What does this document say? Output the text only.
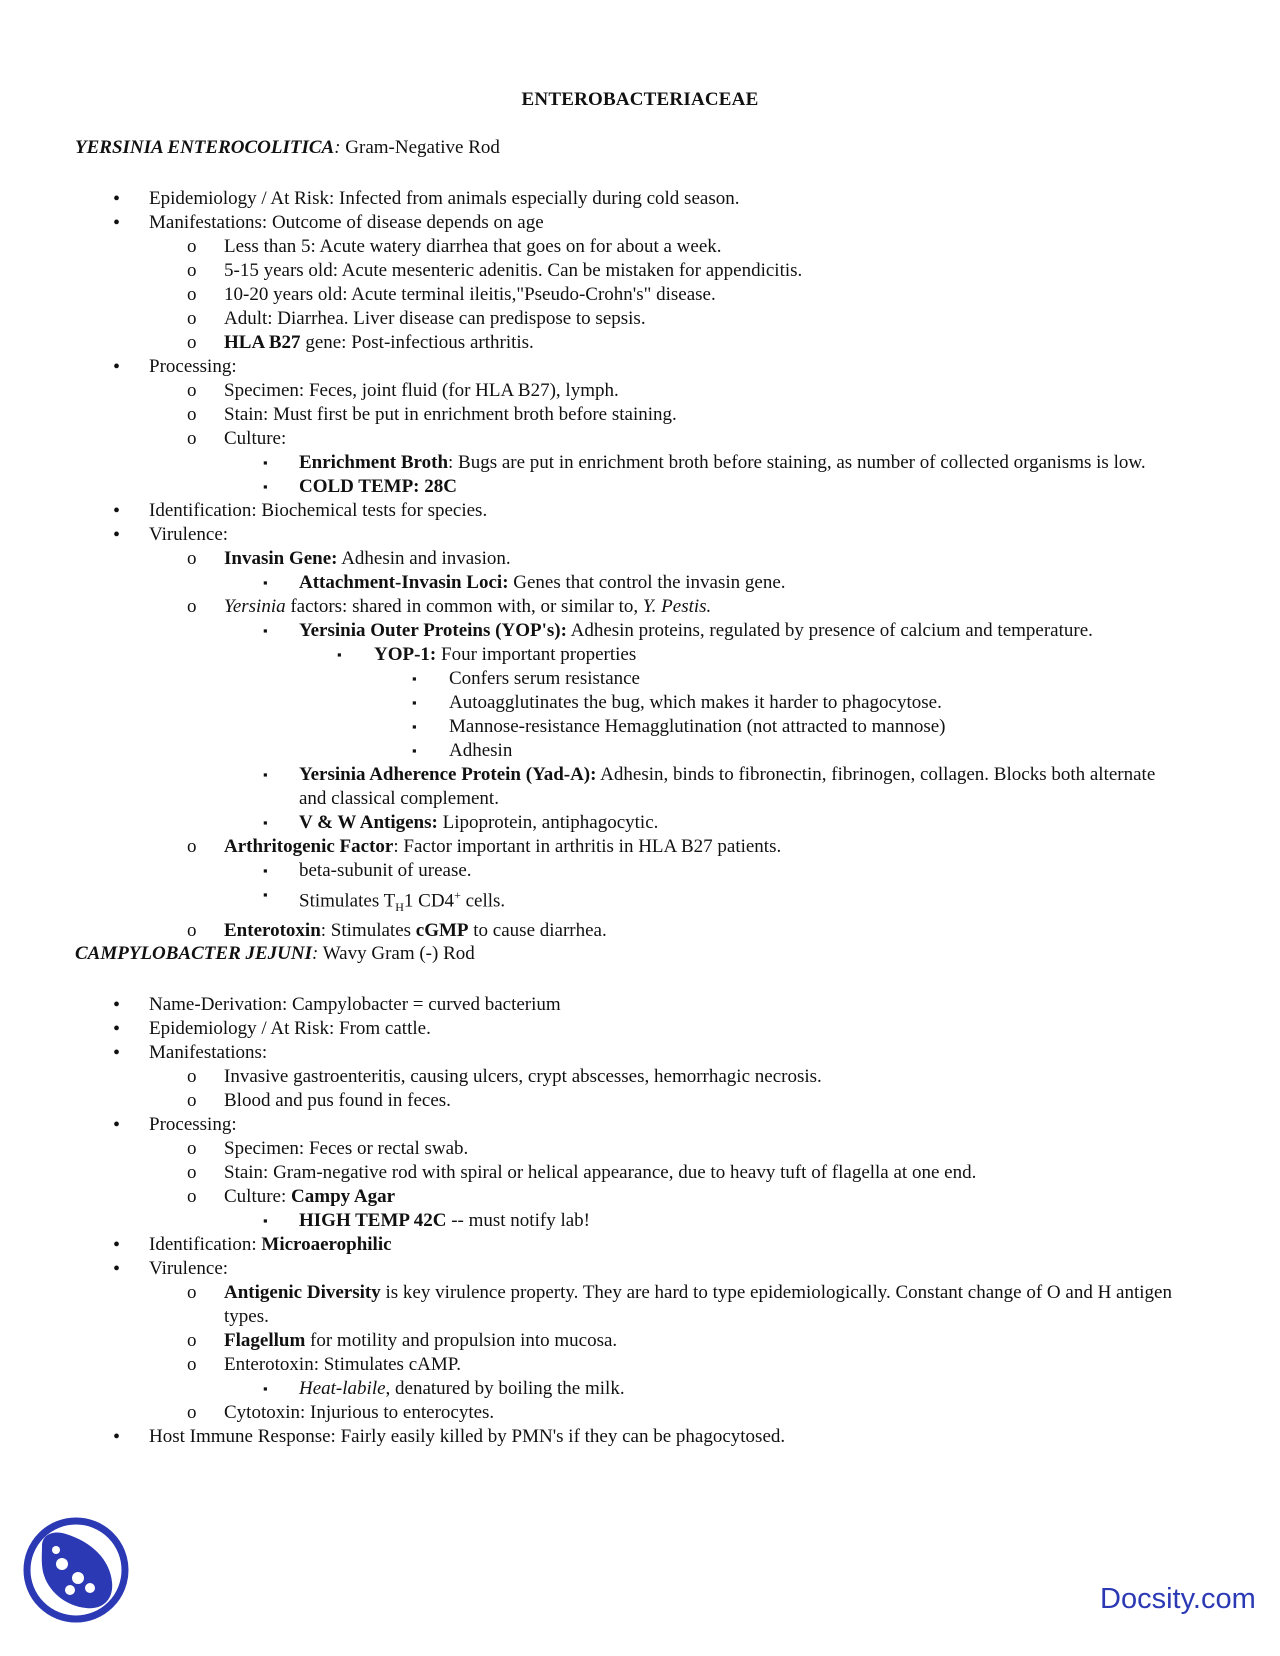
ENTEROBACTERIACEAE
YERSINIA ENTEROCOLITICA: Gram-Negative Rod
• Epidemiology / At Risk: Infected from animals especially during cold season.
• Manifestations: Outcome of disease depends on age
o Less than 5: Acute watery diarrhea that goes on for about a week.
o 5-15 years old: Acute mesenteric adenitis. Can be mistaken for appendicitis.
o 10-20 years old: Acute terminal ileitis,"Pseudo-Crohn's" disease.
o Adult: Diarrhea. Liver disease can predispose to sepsis.
o HLA B27 gene: Post-infectious arthritis.
• Processing:
o Specimen: Feces, joint fluid (for HLA B27), lymph.
o Stain: Must first be put in enrichment broth before staining.
o Culture:
▪ Enrichment Broth: Bugs are put in enrichment broth before staining, as number of collected organisms is low.
▪ COLD TEMP: 28C
• Identification: Biochemical tests for species.
• Virulence:
o Invasin Gene: Adhesin and invasion.
▪ Attachment-Invasin Loci: Genes that control the invasin gene.
o Yersinia factors: shared in common with, or similar to, Y. Pestis.
▪ Yersinia Outer Proteins (YOP's): Adhesin proteins, regulated by presence of calcium and temperature.
▪ YOP-1: Four important properties
▪ Confers serum resistance
▪ Autoagglutinates the bug, which makes it harder to phagocytose.
▪ Mannose-resistance Hemagglutination (not attracted to mannose)
▪ Adhesin
▪ Yersinia Adherence Protein (Yad-A): Adhesin, binds to fibronectin, fibrinogen, collagen. Blocks both alternate and classical complement.
▪ V & W Antigens: Lipoprotein, antiphagocytic.
o Arthritogenic Factor: Factor important in arthritis in HLA B27 patients.
▪ beta-subunit of urease.
▪ Stimulates $T_H1$ CD4+ cells.
o Enterotoxin: Stimulates cGMP to cause diarrhea.
CAMPYLOBACTER JEJUNI: Wavy Gram (-) Rod
• Name-Derivation: Campylobacter = curved bacterium
• Epidemiology / At Risk: From cattle.
• Manifestations:
o Invasive gastroenteritis, causing ulcers, crypt abscesses, hemorrhagic necrosis.
o Blood and pus found in feces.
• Processing:
o Specimen: Feces or rectal swab.
o Stain: Gram-negative rod with spiral or helical appearance, due to heavy tuft of flagella at one end.
o Culture: Campy Agar
▪ HIGH TEMP 42C -- must notify lab!
• Identification: Microaerophilic
• Virulence:
o Antigenic Diversity is key virulence property. They are hard to type epidemiologically. Constant change of O and H antigen types.
o Flagellum for motility and propulsion into mucosa.
o Enterotoxin: Stimulates cAMP.
▪ Heat-labile, denatured by boiling the milk.
o Cytotoxin: Injurious to enterocytes.
• Host Immune Response: Fairly easily killed by PMN's if they can be phagocytosed.
Docsity.com
